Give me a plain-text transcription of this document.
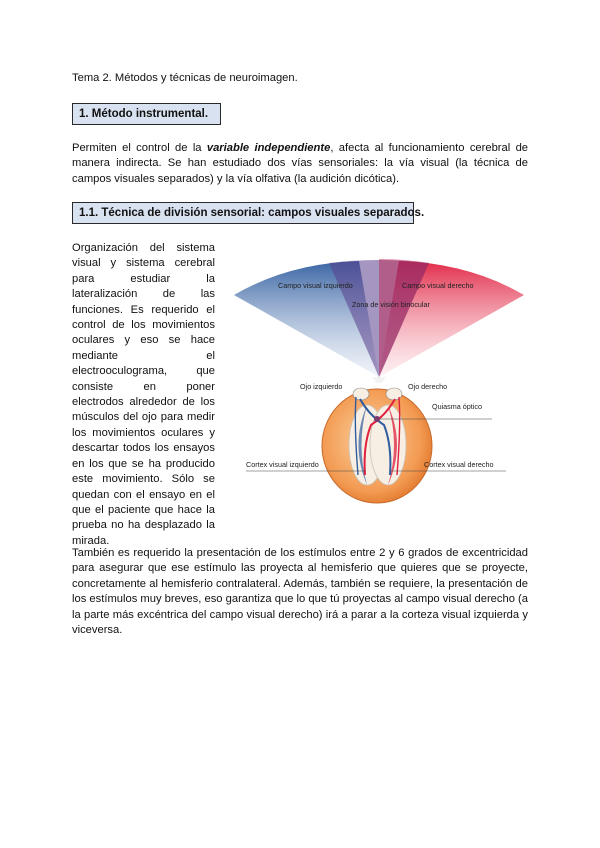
Tema 2. Métodos y técnicas de neuroimagen.
1. Método instrumental.

Permiten el control de la variable independiente, afecta al funcionamiento cerebral de manera indirecta. Se han estudiado dos vías sensoriales: la vía visual (la técnica de campos visuales separados) y la vía olfativa (la audición dicótica).

1.1. Técnica de división sensorial: campos visuales separados.

Organización del sistema visual y sistema cerebral para estudiar la lateralización de las funciones. Es requerido el control de los movimientos oculares y eso se hace mediante el electrooculograma, que consiste en poner electrodos alrededor de los músculos del ojo para medir los movimientos oculares y descartar todos los ensayos en los que se ha producido este movimiento. Sólo se quedan con el ensayo en el que el paciente que hace la prueba no ha desplazado la mirada.

Campo visual izquierdo	Campo visual derecho
Zona de visión binocular
Ojo izquierdo	Ojo derecho
Quiasma óptico
Cortex visual izquierdo	Cortex visual derecho

También es requerido la presentación de los estímulos entre 2 y 6 grados de excentricidad para asegurar que ese estímulo las proyecta al hemisferio que quieres que se proyecte, concretamente al hemisferio contralateral. Además, también se requiere, la presentación de los estímulos muy breves, eso garantiza que lo que tú proyectas al campo visual derecho (a la parte más excéntrica del campo visual derecho) irá a parar a la corteza visual izquierda y viceversa.
